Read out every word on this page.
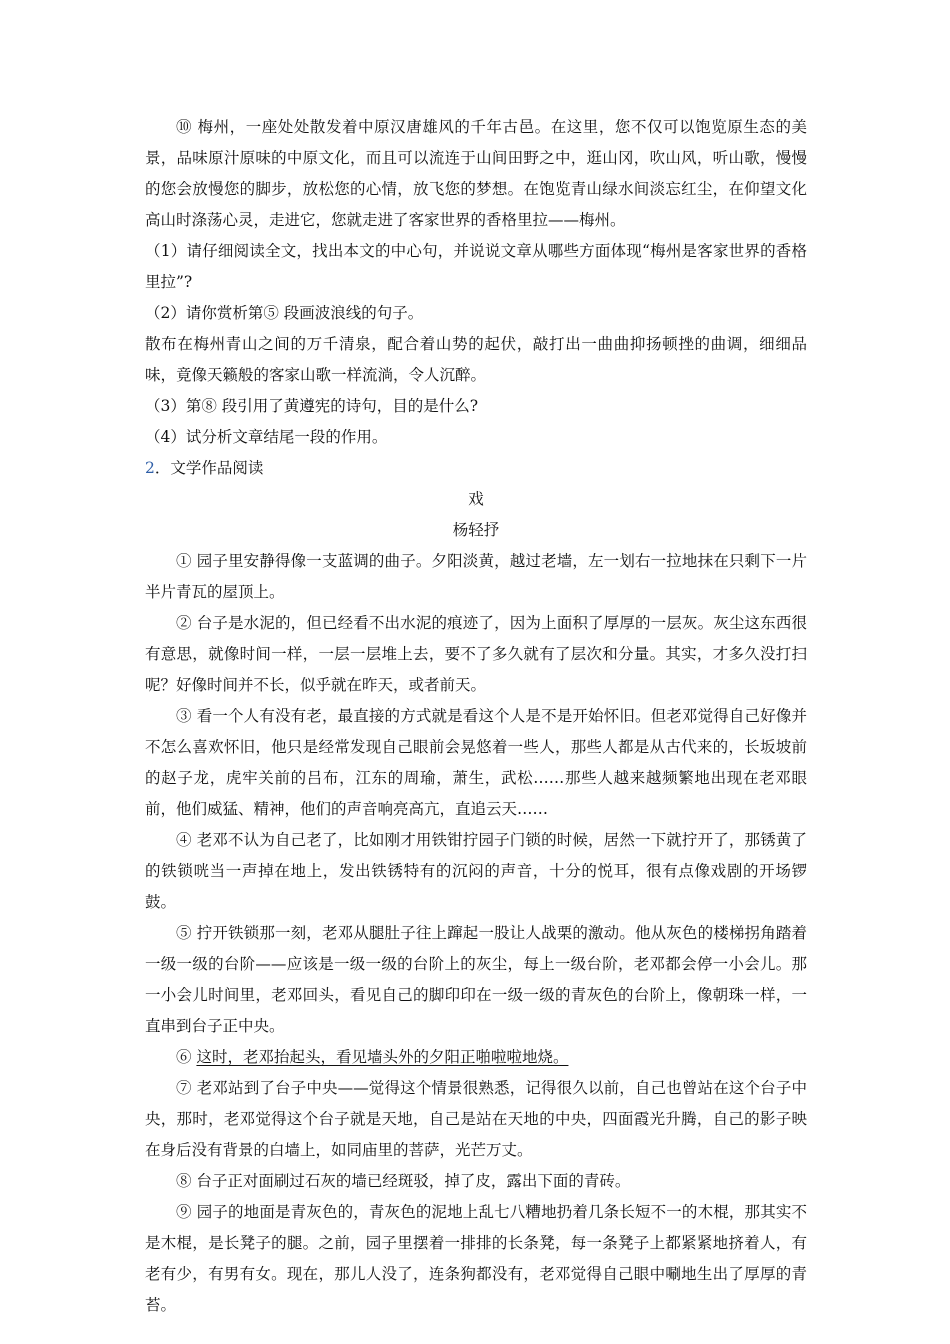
⑩ 梅州，一座处处散发着中原汉唐雄风的千年古邑。在这里，您不仅可以饱览原生态的美景，品味原汁原味的中原文化，而且可以流连于山间田野之中，逛山冈，吹山风，听山歌，慢慢的您会放慢您的脚步，放松您的心情，放飞您的梦想。在饱览青山绿水间淡忘红尘，在仰望文化高山时涤荡心灵，走进它，您就走进了客家世界的香格里拉——梅州。

（1）请仔细阅读全文，找出本文的中心句，并说说文章从哪些方面体现“梅州是客家世界的香格里拉”?

（2）请你赏析第⑤ 段画波浪线的句子。

散布在梅州青山之间的万千清泉，配合着山势的起伏，敲打出一曲曲抑扬顿挫的曲调，细细品味，竟像天籁般的客家山歌一样流淌，令人沉醉。

（3）第⑧ 段引用了黄遵宪的诗句，目的是什么?

（4）试分析文章结尾一段的作用。

2．文学作品阅读

戏

杨轻抒

① 园子里安静得像一支蓝调的曲子。夕阳淡黄，越过老墙，左一划右一拉地抹在只剩下一片半片青瓦的屋顶上。

② 台子是水泥的，但已经看不出水泥的痕迹了，因为上面积了厚厚的一层灰。灰尘这东西很有意思，就像时间一样，一层一层堆上去，要不了多久就有了层次和分量。其实，才多久没打扫呢？好像时间并不长，似乎就在昨天，或者前天。

③ 看一个人有没有老，最直接的方式就是看这个人是不是开始怀旧。但老邓觉得自己好像并不怎么喜欢怀旧，他只是经常发现自己眼前会晃悠着一些人，那些人都是从古代来的，长坂坡前的赵子龙，虎牢关前的吕布，江东的周瑜，萧生，武松……那些人越来越频繁地出现在老邓眼前，他们威猛、精神，他们的声音响亮高亢，直追云天……

④ 老邓不认为自己老了，比如刚才用铁钳拧园子门锁的时候，居然一下就拧开了，那锈黄了的铁锁咣当一声掉在地上，发出铁锈特有的沉闷的声音，十分的悦耳，很有点像戏剧的开场锣鼓。

⑤ 拧开铁锁那一刻，老邓从腿肚子往上蹿起一股让人战栗的激动。他从灰色的楼梯拐角踏着一级一级的台阶——应该是一级一级的台阶上的灰尘，每上一级台阶，老邓都会停一小会儿。那一小会儿时间里，老邓回头，看见自己的脚印印在一级一级的青灰色的台阶上，像朝珠一样，一直串到台子正中央。

⑥ 这时，老邓抬起头，看见墙头外的夕阳正啪啦啦地烧。

⑦ 老邓站到了台子中央——觉得这个情景很熟悉，记得很久以前，自己也曾站在这个台子中央，那时，老邓觉得这个台子就是天地，自己是站在天地的中央，四面霞光升腾，自己的影子映在身后没有背景的白墙上，如同庙里的菩萨，光芒万丈。

⑧ 台子正对面刷过石灰的墙已经斑驳，掉了皮，露出下面的青砖。

⑨ 园子的地面是青灰色的，青灰色的泥地上乱七八糟地扔着几条长短不一的木棍，那其实不是木棍，是长凳子的腿。之前，园子里摆着一排排的长条凳，每一条凳子上都紧紧地挤着人，有老有少，有男有女。现在，那儿人没了，连条狗都没有，老邓觉得自己眼中唰地生出了厚厚的青苔。
